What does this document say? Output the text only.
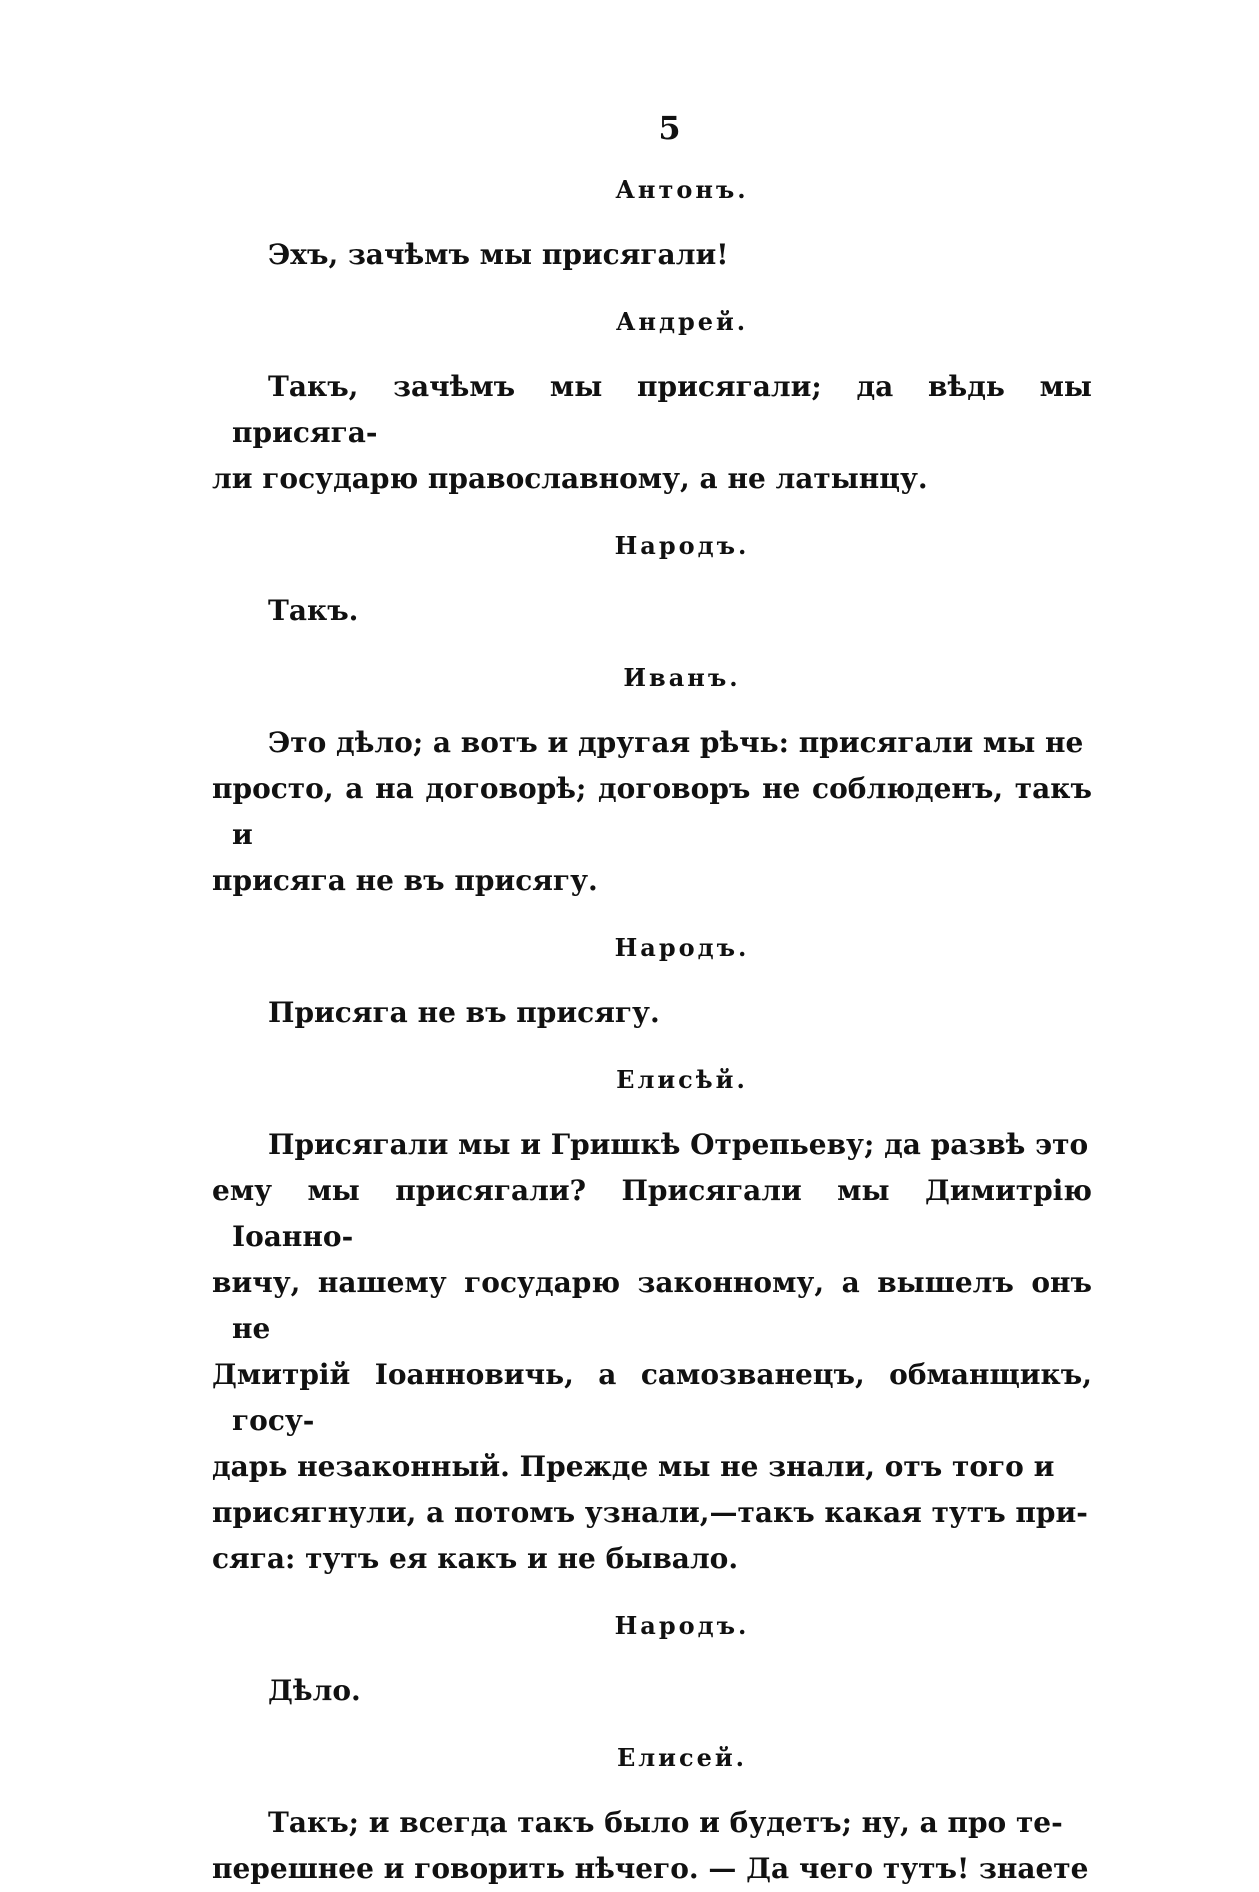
5
Антонъ.
Эхъ, зачѣмъ мы присягали!
Андрей.
Такъ, зачѣмъ мы присягали; да вѣдь мы присяга-
ли государю православному, а не латынцу.
Народъ.
Такъ.
Иванъ.
Это дѣло; а вотъ и другая рѣчь: присягали мы не
просто, а на договорѣ; договоръ не соблюденъ, такъ и
присяга не въ присягу.
Народъ.
Присяга не въ присягу.
Елисѣй.
Присягали мы и Гришкѣ Отрепьеву; да развѣ это
ему мы присягали? Присягали мы Димитрію Іоанно-
вичу, нашему государю законному, а вышелъ онъ не
Дмитрій Іоанновичь, а самозванецъ, обманщикъ, госу-
дарь незаконный. Прежде мы не знали, отъ того и
присягнули, а потомъ узнали,—такъ какая тутъ при-
сяга: тутъ ея какъ и не бывало.
Народъ.
Дѣло.
Елисей.
Такъ; и всегда такъ было и будетъ; ну, а про те-
перешнее и говорить нѣчего. — Да чего тутъ! знаете
